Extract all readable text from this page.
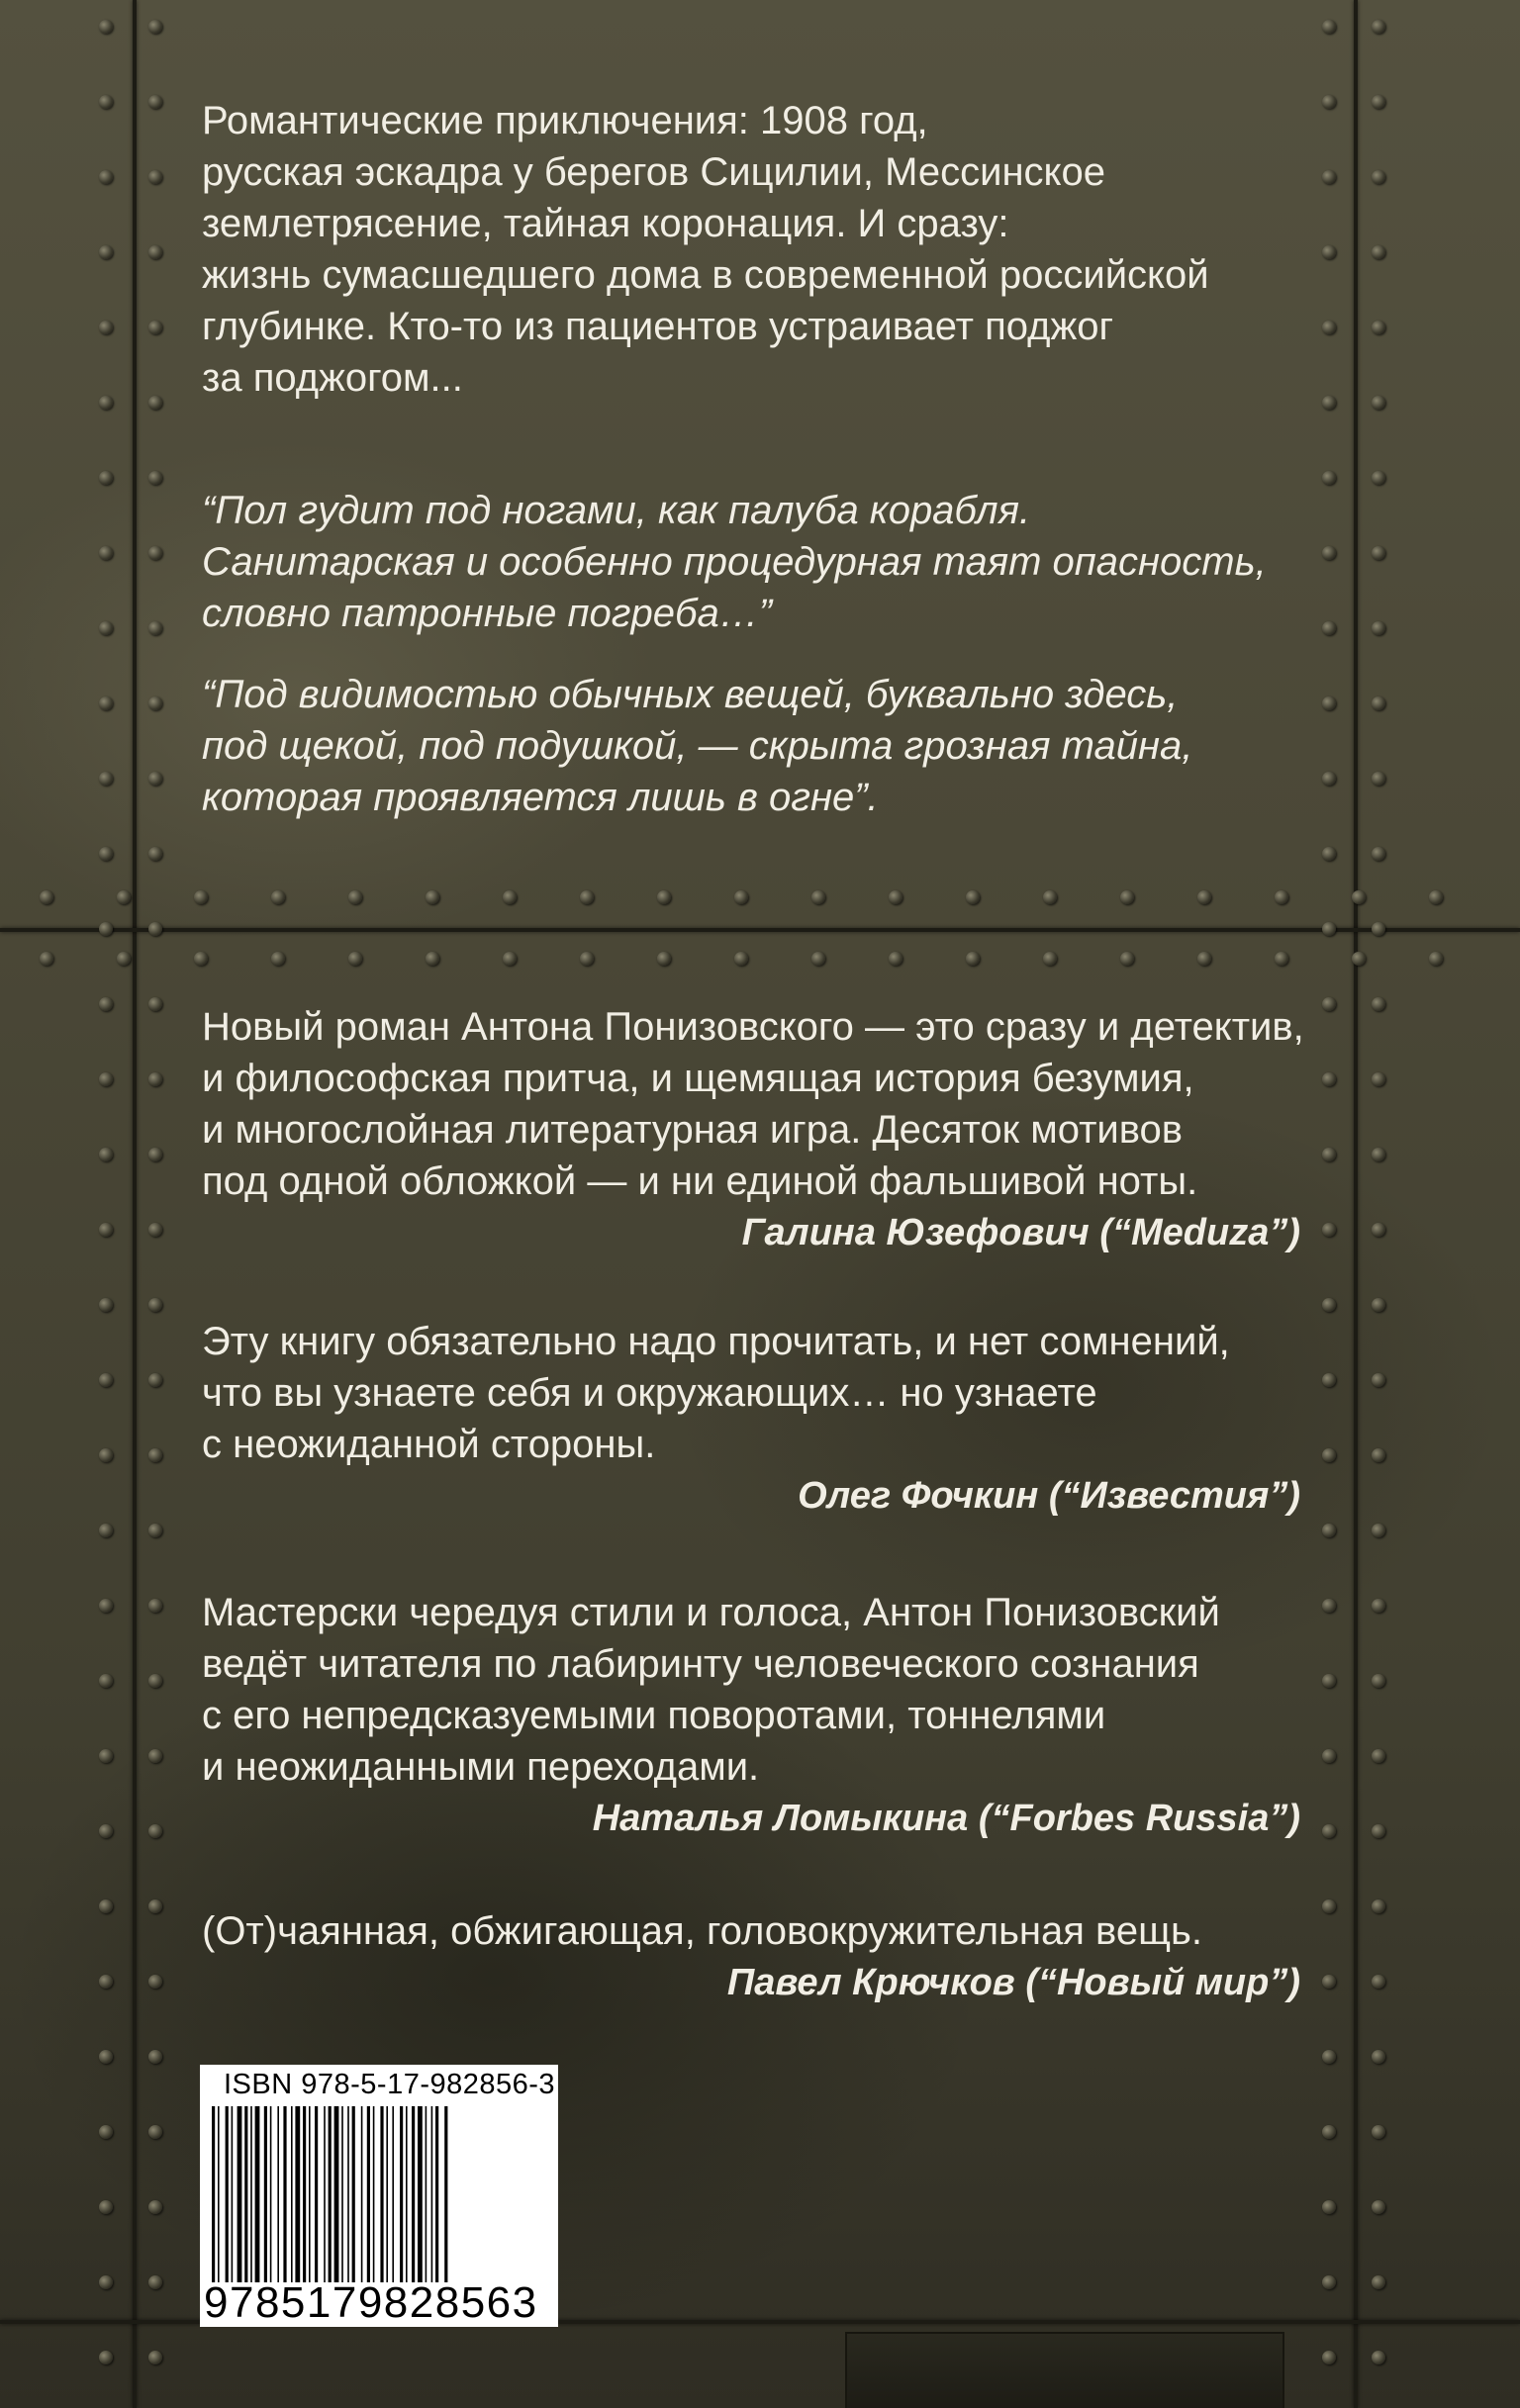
Романтические приключения: 1908 год,

русская эскадра у берегов Сицилии, Мессинское

землетрясение, тайная коронация. И сразу:

жизнь сумасшедшего дома в современной российской

глубинке. Кто-то из пациентов устраивает поджог

за поджогом...

“Пол гудит под ногами, как палуба корабля.

Санитарская и особенно процедурная таят опасность,

словно патронные погреба…”

“Под видимостью обычных вещей, буквально здесь,

под щекой, под подушкой, — скрыта грозная тайна,

которая проявляется лишь в огне”.

Новый роман Антона Понизовского — это сразу и детектив,

и философская притча, и щемящая история безумия,

и многослойная литературная игра. Десяток мотивов

под одной обложкой — и ни единой фальшивой ноты.

Галина Юзефович (“Meduza”)

Эту книгу обязательно надо прочитать, и нет сомнений,

что вы узнаете себя и окружающих… но узнаете

с неожиданной стороны.

Олег Фочкин (“Известия”)

Мастерски чередуя стили и голоса, Антон Понизовский

ведёт читателя по лабиринту человеческого сознания

с его непредсказуемыми поворотами, тоннелями

и неожиданными переходами.

Наталья Ломыкина (“Forbes Russia”)

(От)чаянная, обжигающая, головокружительная вещь.

Павел Крючков (“Новый мир”)

ISBN 978-5-17-982856-3
9785179828563
